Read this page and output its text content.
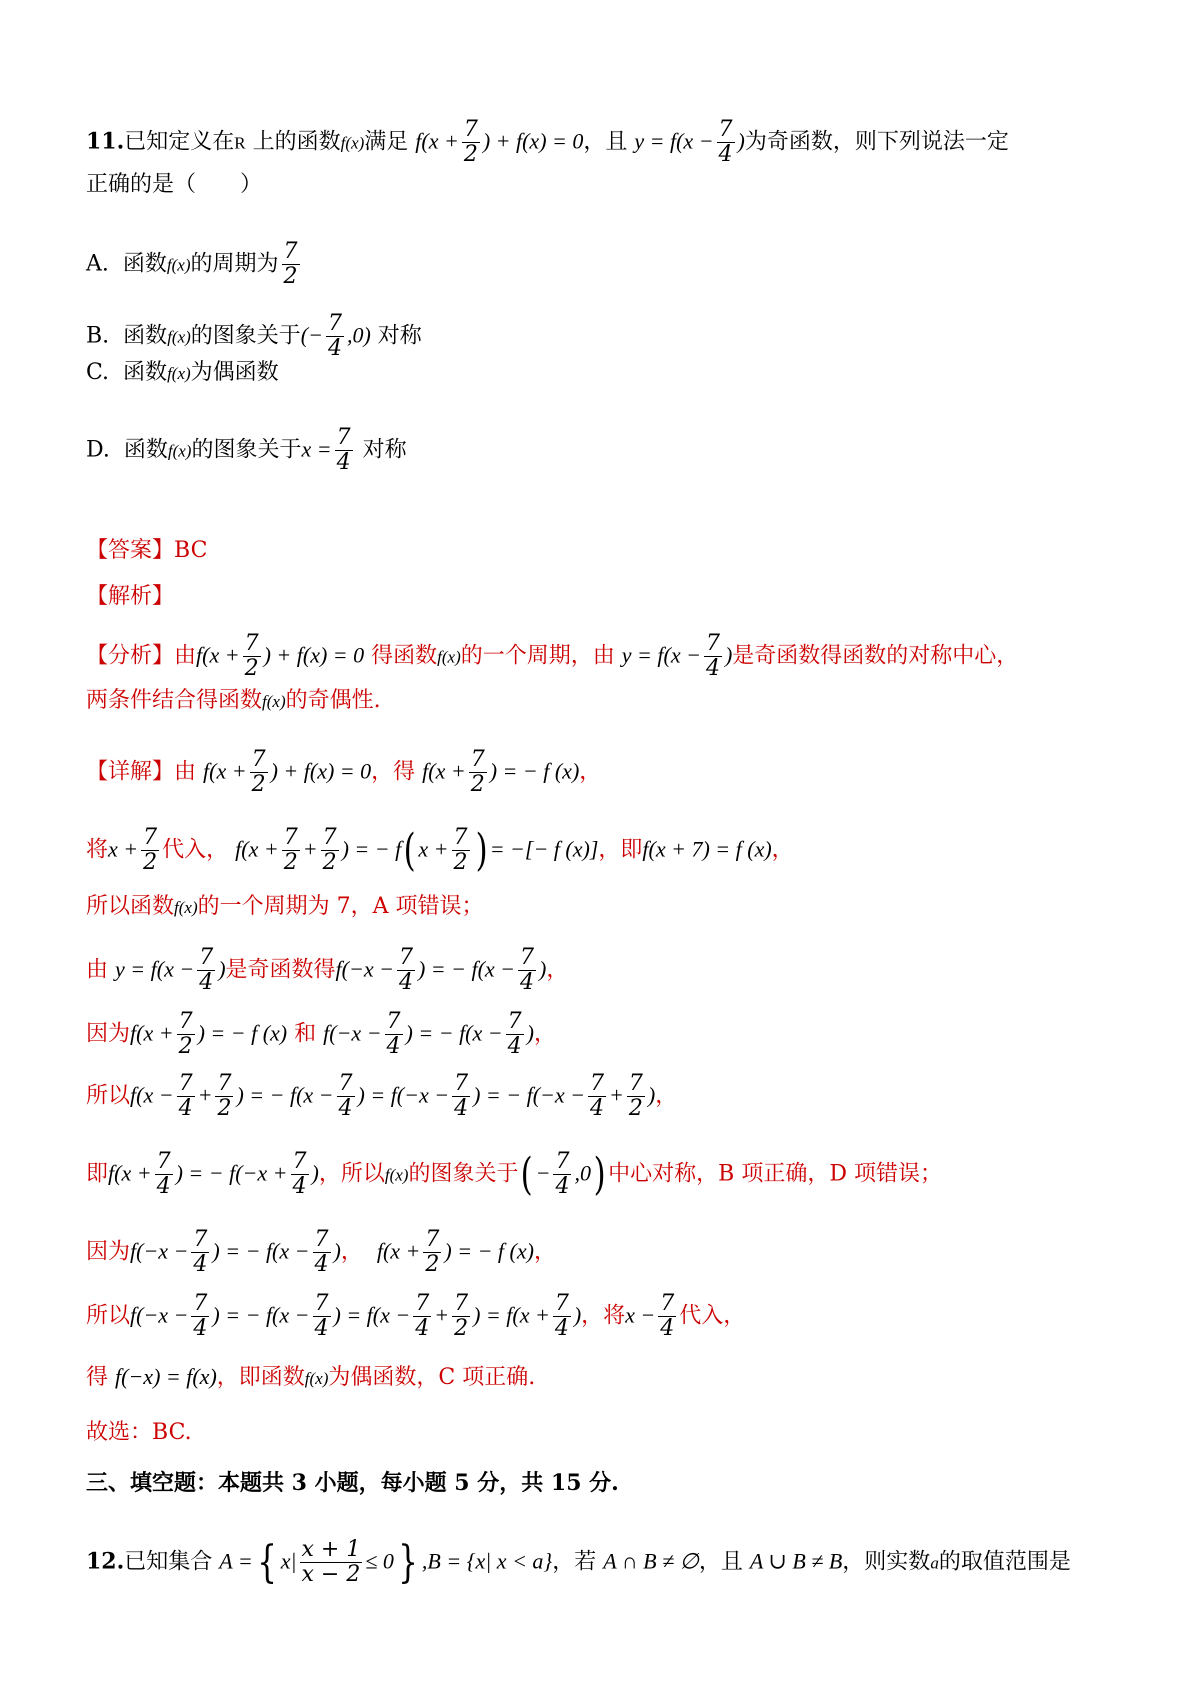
11.已知定义在R 上的函数f(x)满足 $f(x + \frac{7}{2}$ ) + f(x) = 0，且 $y = f(x - \frac{7}{4}$ )为奇函数，则下列说法一定
正确的是（　　）
A. 函数f(x)的周期为 $\frac{7}{2}$
B. 函数f(x)的图象关于(− $\frac{7}{4} ,0$) 对称
C. 函数f(x)为偶函数
D. 函数f(x)的图象关于$x = \frac{7}{4}$ 对称
【答案】BC
【解析】
【分析】由$f(x + \frac{7}{2}$ ) + f(x) = 0 得函数f(x)的一个周期，由 $y = f(x - \frac{7}{4}$ )是奇函数得函数的对称中心，
两条件结合得函数f(x)的奇偶性.
【详解】由 $f(x + \frac{7}{2}$ ) + f(x) = 0，得 $f(x + \frac{7}{2}$ ) = − f (x)，
将$x + \frac{7}{2}$ 代入， $f(x + \frac{7}{2} + \frac{7}{2}$ ) = − f( $x + \frac{7}{2}$ ) = −[− f (x)]，即f(x + 7) = f (x)，
所以函数f(x)的一个周期为 7，A 项错误；
由 $y = f(x - \frac{7}{4}$ )是奇函数得$f(-x - \frac{7}{4}$ ) = − $f(x - \frac{7}{4}$ )，
因为$f(x + \frac{7}{2}$ ) = − f (x) 和 $f(-x - \frac{7}{4}$ ) = − $f(x - \frac{7}{4}$ )，
所以$f(x - \frac{7}{4} + \frac{7}{2}$ ) = − $f(x - \frac{7}{4}$ ) = $f(-x - \frac{7}{4}$ ) = − $f(-x - \frac{7}{4} + \frac{7}{2}$ )，
即$f(x + \frac{7}{4}$ ) = − $f(-x + \frac{7}{4}$ )，所以f(x)的图象关于( − $\frac{7}{4} ,0$) 中心对称，B 项正确，D 项错误；
因为$f(-x - \frac{7}{4}$ ) = − $f(x - \frac{7}{4}$ )， $f(x + \frac{7}{2}$ ) = − f (x)，
所以$f(-x - \frac{7}{4}$ ) = − $f(x - \frac{7}{4}$ ) = $f(x - \frac{7}{4} + \frac{7}{2}$ ) = $f(x + \frac{7}{4}$ )，将$x - \frac{7}{4}$ 代入，
得 f(−x) = f(x)，即函数f(x)为偶函数，C 项正确.
故选：BC.
三、填空题：本题共 3 小题，每小题 5 分，共 15 分.
12.已知集合 A ={ $x| \frac{x + 1}{x - 2} \le 0$} ,B = {x| x < a}，若 A ∩ B ≠ ∅，且 A ∪ B ≠ B，则实数a的取值范围是
